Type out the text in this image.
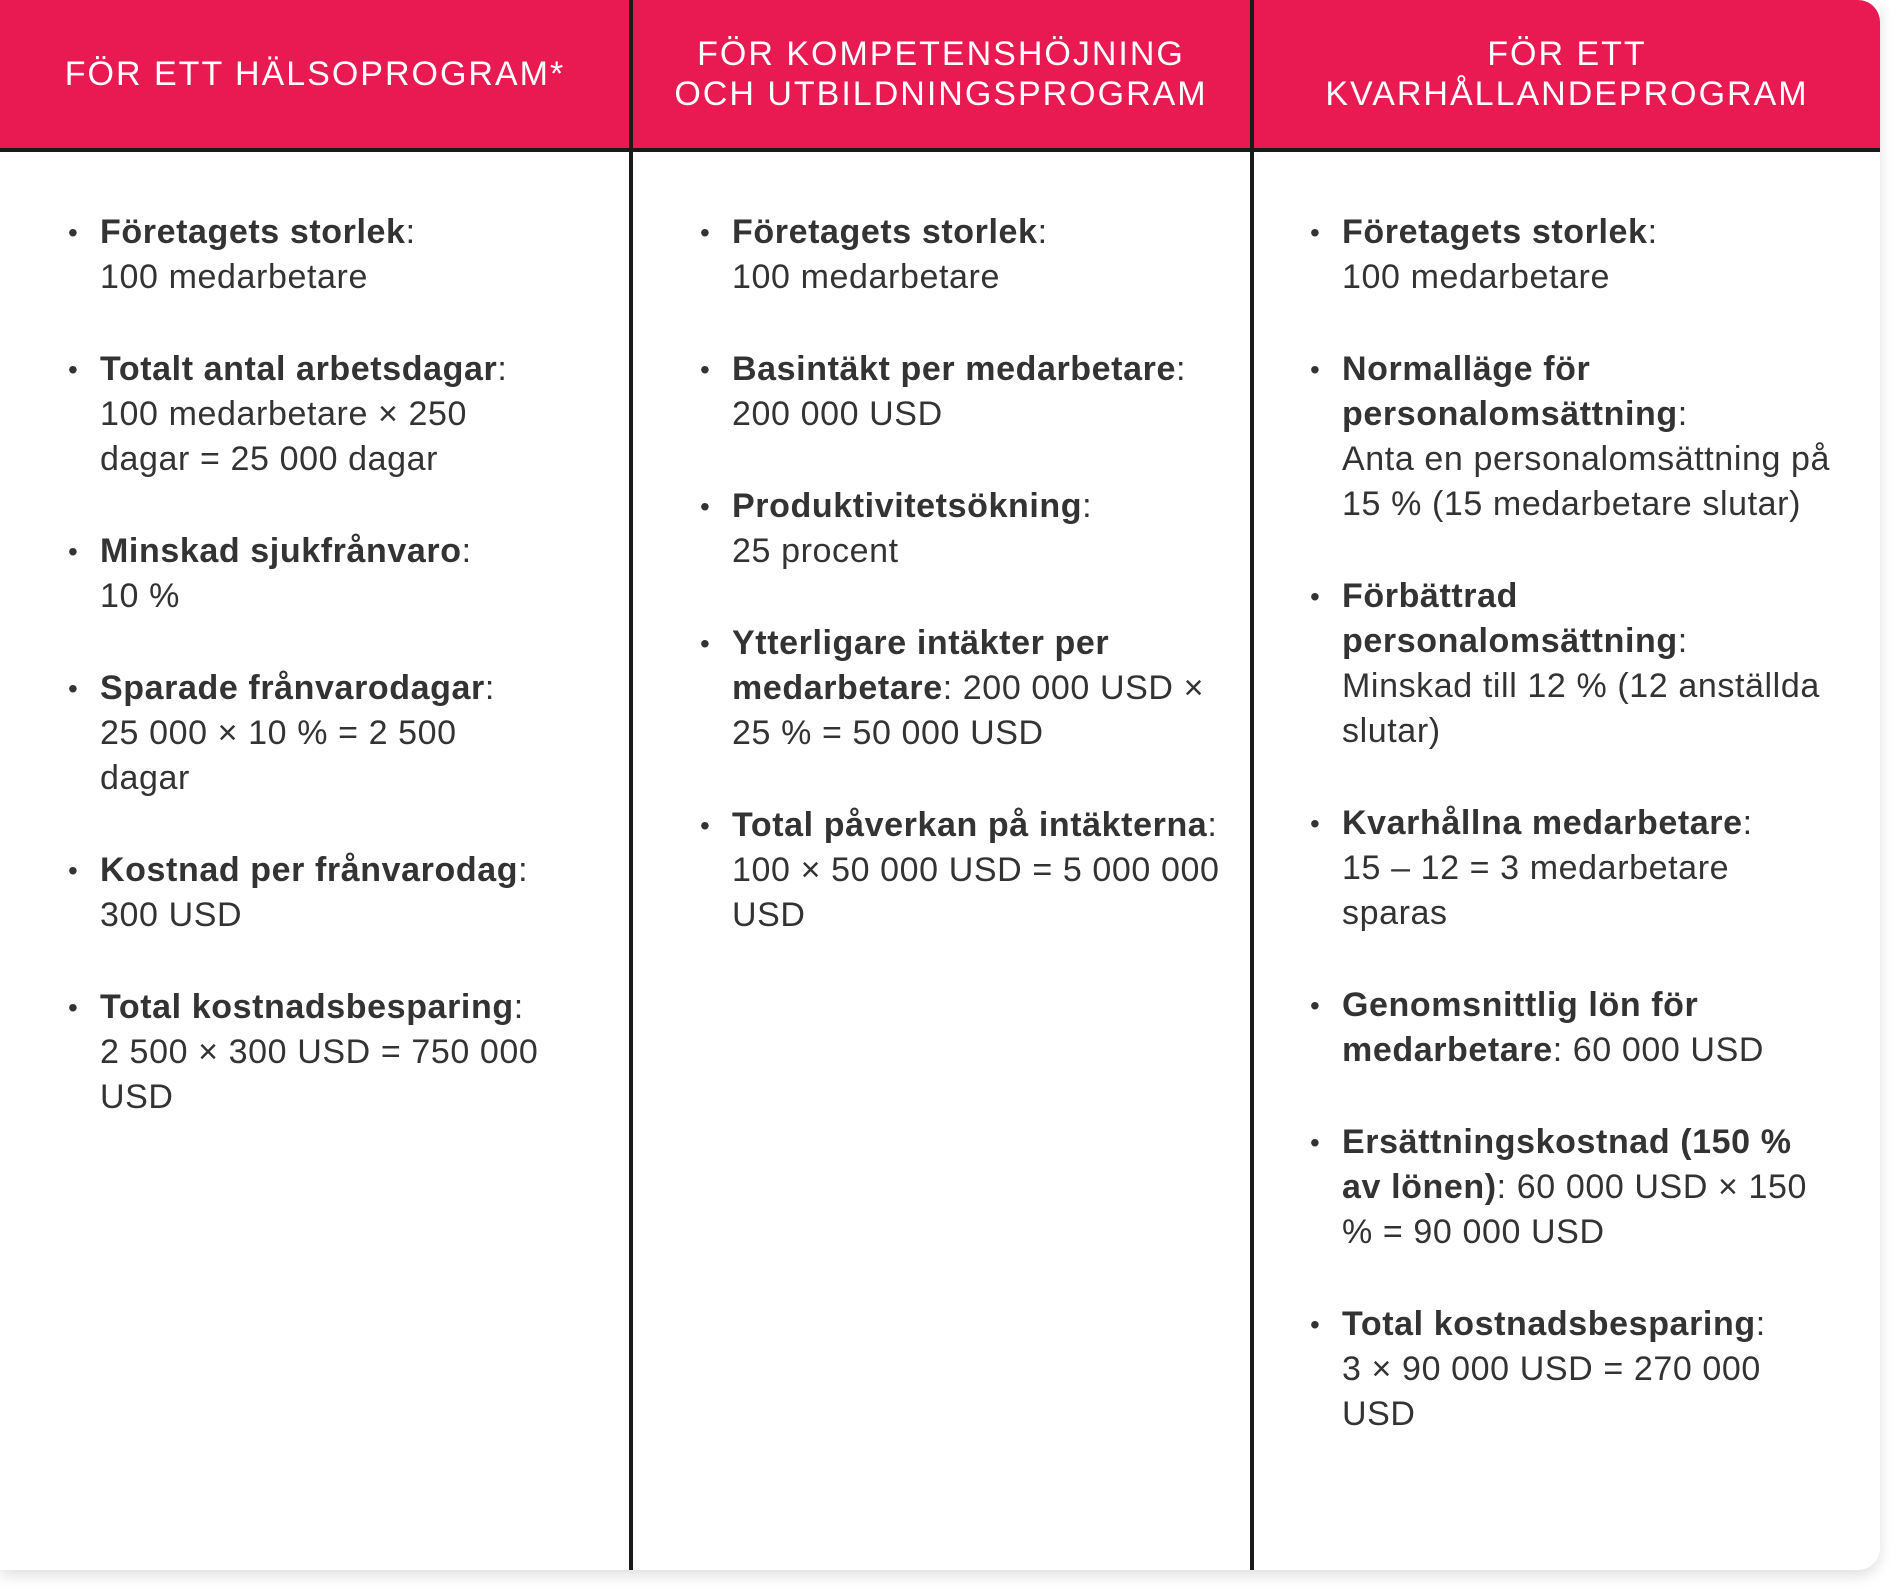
FÖR ETT HÄLSOPROGRAM*
FÖR KOMPETENSHÖJNING
OCH UTBILDNINGSPROGRAM
FÖR ETT
KVARHÅLLANDEPROGRAM
• Företagets storlek:
100 medarbetare
• Totalt antal arbetsdagar:
100 medarbetare × 250 dagar = 25 000 dagar
• Minskad sjukfrånvaro:
10 %
• Sparade frånvarodagar:
25 000 × 10 % = 2 500 dagar
• Kostnad per frånvarodag:
300 USD
• Total kostnadsbesparing:
2 500 × 300 USD = 750 000 USD
• Företagets storlek:
100 medarbetare
• Basintäkt per medarbetare:
200 000 USD
• Produktivitetsökning:
25 procent
• Ytterligare intäkter per medarbetare: 200 000 USD × 25 % = 50 000 USD
• Total påverkan på intäkterna: 100 × 50 000 USD = 5 000 000 USD
• Företagets storlek:
100 medarbetare
• Normalläge för personalomsättning:
Anta en personalomsättning på 15 % (15 medarbetare slutar)
• Förbättrad personalomsättning:
Minskad till 12 % (12 anställda slutar)
• Kvarhållna medarbetare:
15 – 12 = 3 medarbetare sparas
• Genomsnittlig lön för medarbetare: 60 000 USD
• Ersättningskostnad (150 % av lönen): 60 000 USD × 150 % = 90 000 USD
• Total kostnadsbesparing:
3 × 90 000 USD = 270 000 USD
